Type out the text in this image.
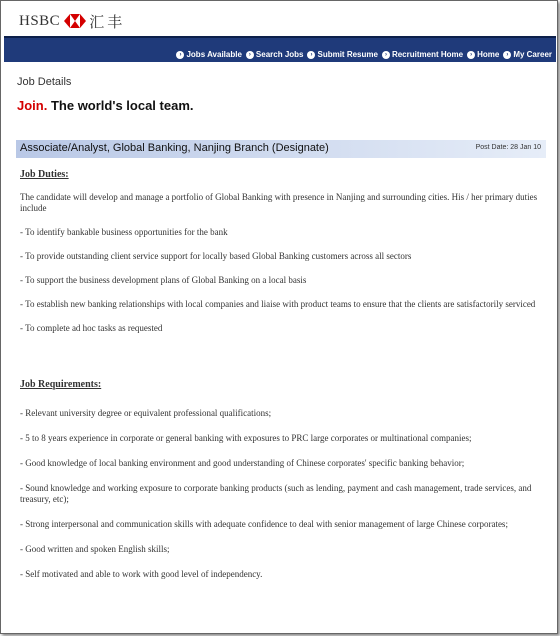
HSBC 汇丰
› Jobs Available	› Search Jobs	› Submit Resume	› Recruitment Home	› Home	› My Career
Job Details
Join. The world's local team.
Associate/Analyst, Global Banking, Nanjing Branch (Designate)	Post Date: 28 Jan 10
Job Duties:

The candidate will develop and manage a portfolio of Global Banking with presence in Nanjing and surrounding cities. His / her primary duties include

- To identify bankable business opportunities for the bank

- To provide outstanding client service support for locally based Global Banking customers across all sectors

- To support the business development plans of Global Banking on a local basis

- To establish new banking relationships with local companies and liaise with product teams to ensure that the clients are satisfactorily serviced

- To complete ad hoc tasks as requested

Job Requirements:

- Relevant university degree or equivalent professional qualifications;

- 5 to 8 years experience in corporate or general banking with exposures to PRC large corporates or multinational companies;

- Good knowledge of local banking environment and good understanding of Chinese corporates' specific banking behavior;

- Sound knowledge and working exposure to corporate banking products (such as lending, payment and cash management, trade services, and treasury, etc);

- Strong interpersonal and communication skills with adequate confidence to deal with senior management of large Chinese corporates;

- Good written and spoken English skills;

- Self motivated and able to work with good level of independency.
